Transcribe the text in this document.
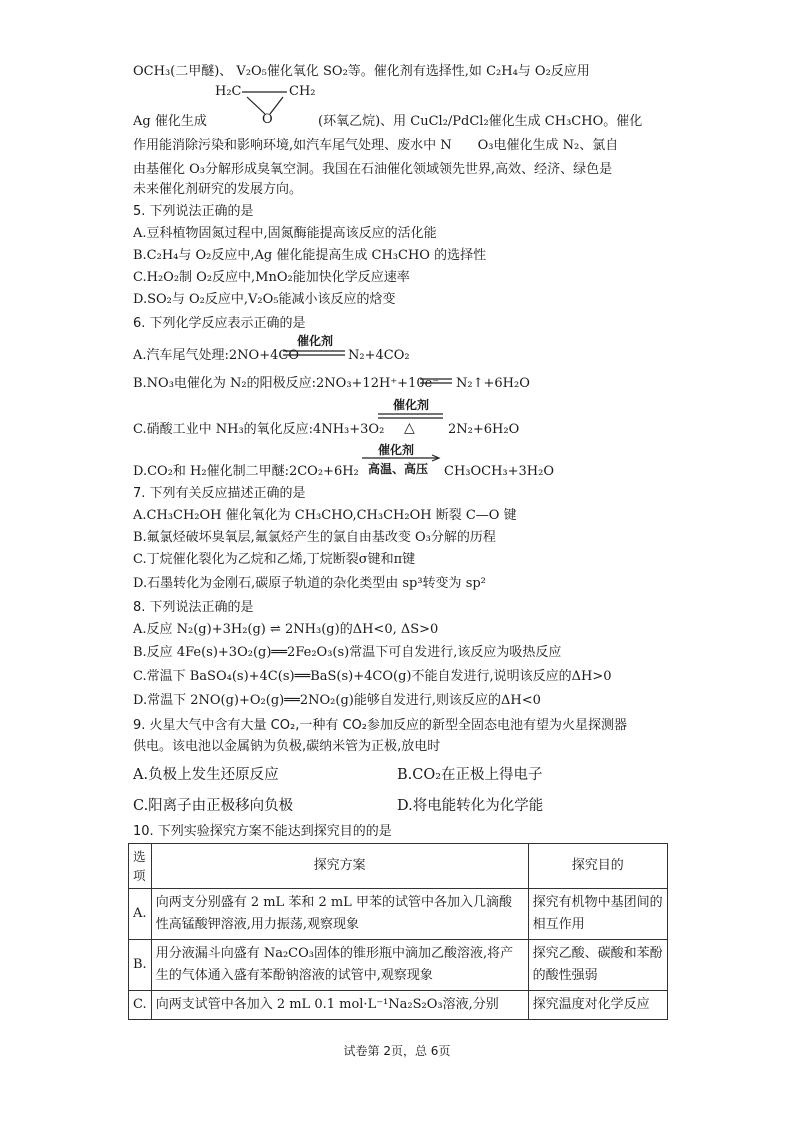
OCH₃(二甲醚)、 V₂O₅催化氧化 SO₂等。催化剂有选择性,如 C₂H₄与 O₂反应用
H₂C	CH₂
O
Ag 催化生成	(环氧乙烷)、用 CuCl₂/PdCl₂催化生成 CH₃CHO。催化
作用能消除污染和影响环境,如汽车尾气处理、废水中 N　　O₃电催化生成 N₂、氯自
由基催化 O₃分解形成臭氧空洞。我国在石油催化领域领先世界,高效、经济、绿色是
未来催化剂研究的发展方向。
5. 下列说法正确的是
A.豆科植物固氮过程中,固氮酶能提高该反应的活化能
B.C₂H₄与 O₂反应中,Ag 催化能提高生成 CH₃CHO 的选择性
C.H₂O₂制 O₂反应中,MnO₂能加快化学反应速率
D.SO₂与 O₂反应中,V₂O₅能减小该反应的焓变
6. 下列化学反应表示正确的是
A.汽车尾气处理:2NO+4CO
催化剂
N₂+4CO₂
B.NO₃电催化为 N₂的阳极反应:2NO₃+12H⁺+10e⁻ N₂↑+6H₂O
催化剂
C.硝酸工业中 NH₃的氧化反应:4NH₃+3O₂ △	2N₂+6H₂O
催化剂
高温、高压
D.CO₂和 H₂催化制二甲醚:2CO₂+6H₂	CH₃OCH₃+3H₂O
7. 下列有关反应描述正确的是
A.CH₃CH₂OH 催化氧化为 CH₃CHO,CH₃CH₂OH 断裂 C—O 键
B.氟氯烃破坏臭氧层,氟氯烃产生的氯自由基改变 O₃分解的历程
C.丁烷催化裂化为乙烷和乙烯,丁烷断裂σ键和π键
D.石墨转化为金刚石,碳原子轨道的杂化类型由 sp³转变为 sp²
8. 下列说法正确的是
A.反应 N₂(g)+3H₂(g) ⇌ 2NH₃(g)的ΔH<0, ΔS>0
B.反应 4Fe(s)+3O₂(g)══2Fe₂O₃(s)常温下可自发进行,该反应为吸热反应
C.常温下 BaSO₄(s)+4C(s)══BaS(s)+4CO(g)不能自发进行,说明该反应的ΔH>0
D.常温下 2NO(g)+O₂(g)══2NO₂(g)能够自发进行,则该反应的ΔH<0
9. 火星大气中含有大量 CO₂,一种有 CO₂参加反应的新型全固态电池有望为火星探测器
供电。该电池以金属钠为负极,碳纳米管为正极,放电时
A.负极上发生还原反应	B.CO₂在正极上得电子
C.阳离子由正极移向负极	D.将电能转化为化学能
10. 下列实验探究方案不能达到探究目的的是
选项	探究方案	探究目的
A.	向两支分别盛有 2 mL 苯和 2 mL 甲苯的试管中各加入几滴酸性高锰酸钾溶液,用力振荡,观察现象	探究有机物中基团间的相互作用
B.	用分液漏斗向盛有 Na₂CO₃固体的锥形瓶中滴加乙酸溶液,将产生的气体通入盛有苯酚钠溶液的试管中,观察现象	探究乙酸、碳酸和苯酚的酸性强弱
C.	向两支试管中各加入 2 mL 0.1 mol·L⁻¹Na₂S₂O₃溶液,分别	探究温度对化学反应
试卷第 2页，总 6页
